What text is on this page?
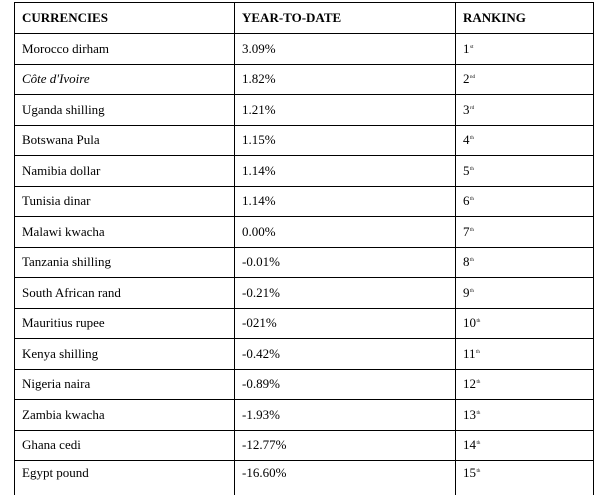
CURRENCIES	YEAR-TO-DATE	RANKING
Morocco dirham	3.09%	1st
Côte d'Ivoire	1.82%	2nd
Uganda shilling	1.21%	3rd
Botswana Pula	1.15%	4th
Namibia dollar	1.14%	5th
Tunisia dinar	1.14%	6th
Malawi kwacha	0.00%	7th
Tanzania shilling	-0.01%	8th
South African rand	-0.21%	9th
Mauritius rupee	-021%	10th
Kenya shilling	-0.42%	11th
Nigeria naira	-0.89%	12th
Zambia kwacha	-1.93%	13th
Ghana cedi	-12.77%	14th
Egypt pound	-16.60%	15th
